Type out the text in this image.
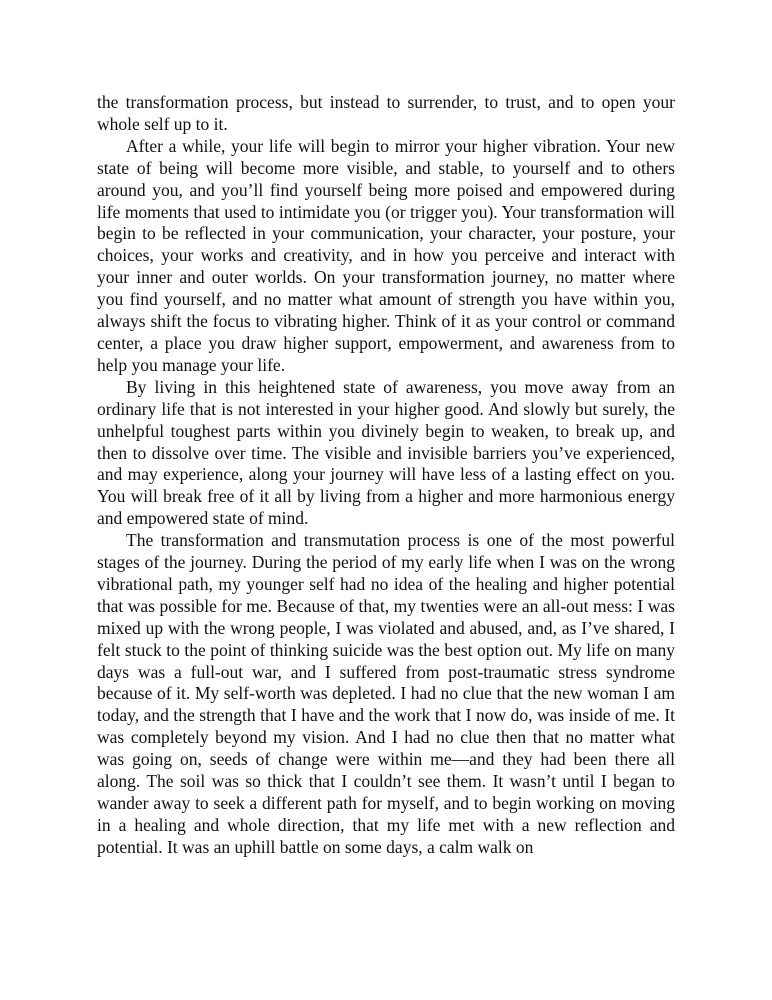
the transformation process, but instead to surrender, to trust, and to open your whole self up to it.

After a while, your life will begin to mirror your higher vibration. Your new state of being will become more visible, and stable, to yourself and to others around you, and you’ll find yourself being more poised and empowered during life moments that used to intimidate you (or trigger you). Your transformation will begin to be reflected in your communication, your character, your posture, your choices, your works and creativity, and in how you perceive and interact with your inner and outer worlds. On your transformation journey, no matter where you find yourself, and no matter what amount of strength you have within you, always shift the focus to vibrating higher. Think of it as your control or command center, a place you draw higher support, empowerment, and awareness from to help you manage your life.

By living in this heightened state of awareness, you move away from an ordinary life that is not interested in your higher good. And slowly but surely, the unhelpful toughest parts within you divinely begin to weaken, to break up, and then to dissolve over time. The visible and invisible barriers you’ve experienced, and may experience, along your journey will have less of a lasting effect on you. You will break free of it all by living from a higher and more harmonious energy and empowered state of mind.

The transformation and transmutation process is one of the most powerful stages of the journey. During the period of my early life when I was on the wrong vibrational path, my younger self had no idea of the healing and higher potential that was possible for me. Because of that, my twenties were an all-out mess: I was mixed up with the wrong people, I was violated and abused, and, as I’ve shared, I felt stuck to the point of thinking suicide was the best option out. My life on many days was a full-out war, and I suffered from post-traumatic stress syndrome because of it. My self-worth was depleted. I had no clue that the new woman I am today, and the strength that I have and the work that I now do, was inside of me. It was completely beyond my vision. And I had no clue then that no matter what was going on, seeds of change were within me—and they had been there all along. The soil was so thick that I couldn’t see them. It wasn’t until I began to wander away to seek a different path for myself, and to begin working on moving in a healing and whole direction, that my life met with a new reflection and potential. It was an uphill battle on some days, a calm walk on
